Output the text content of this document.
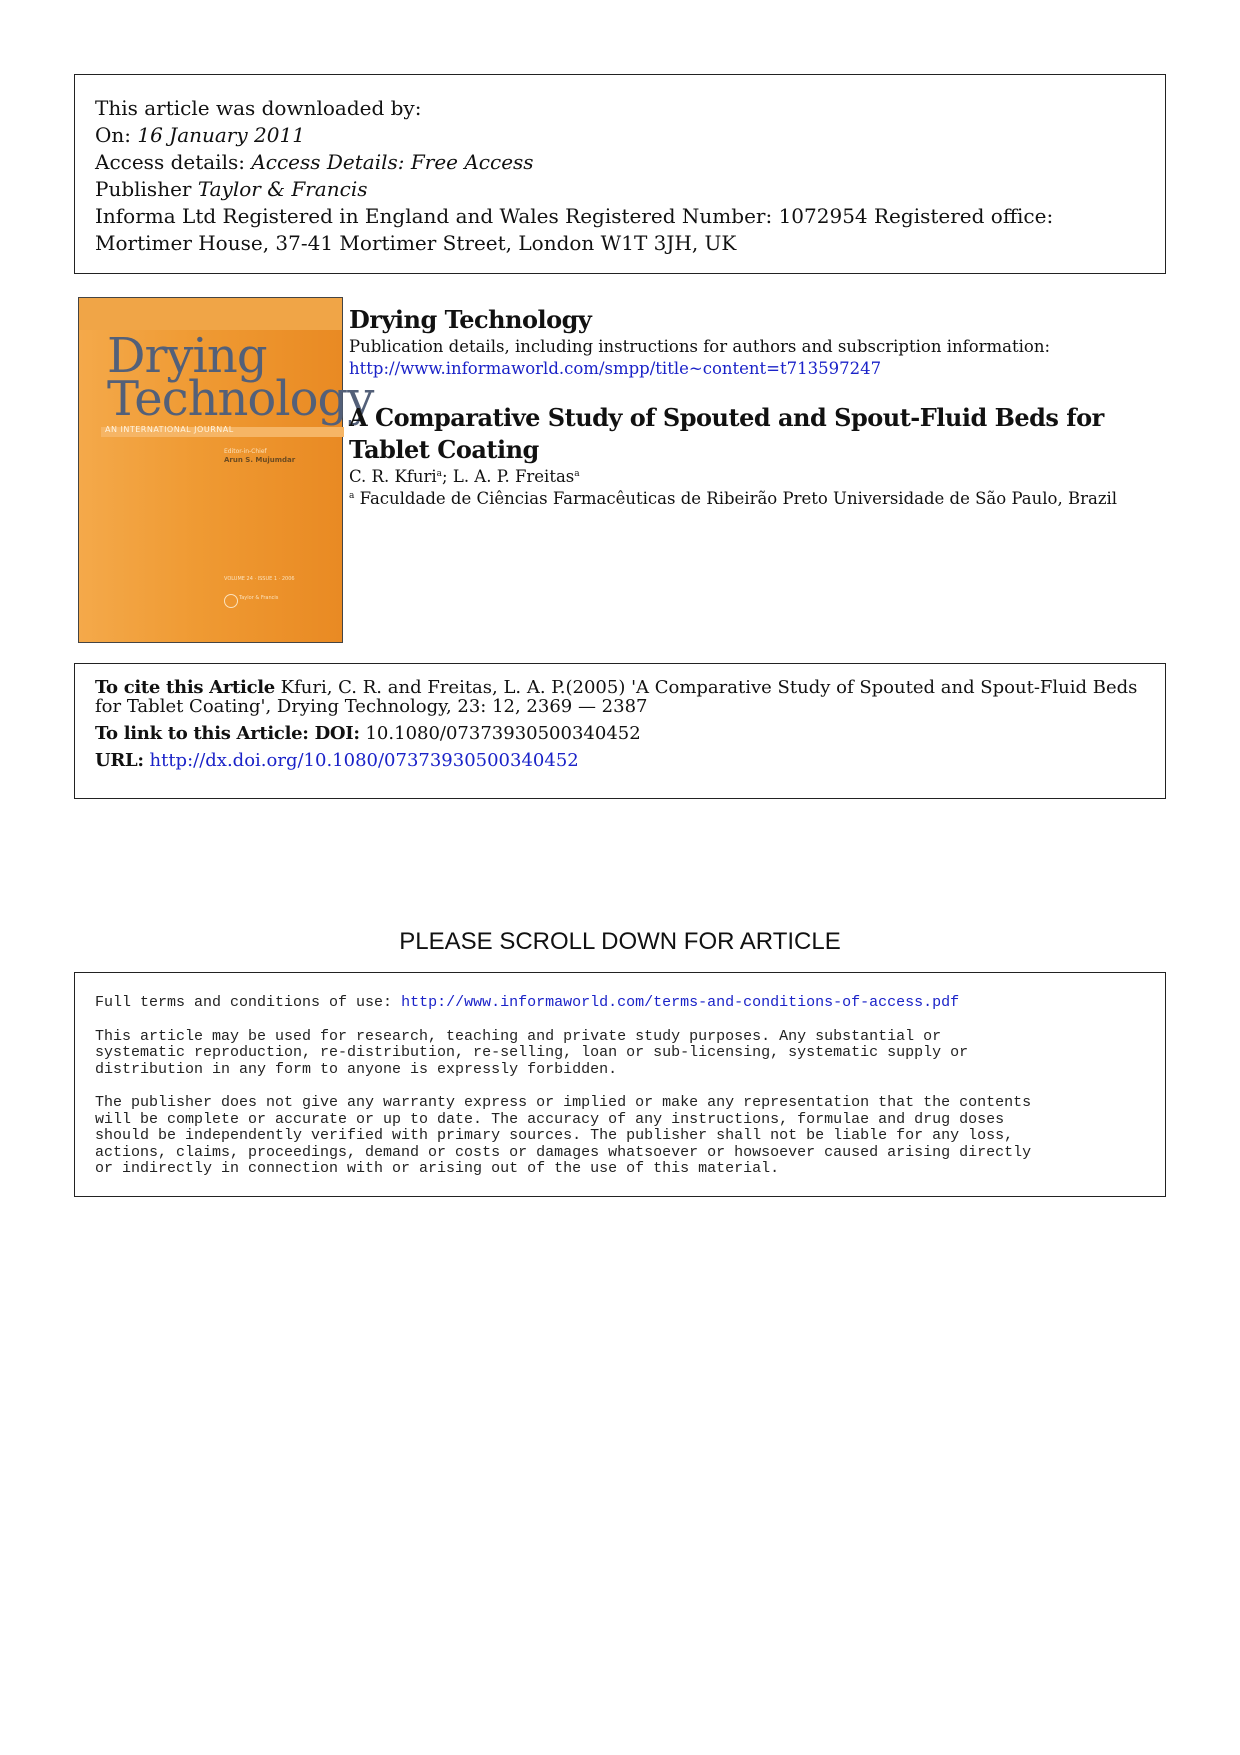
This article was downloaded by:
On: 16 January 2011
Access details: Access Details: Free Access
Publisher Taylor & Francis
Informa Ltd Registered in England and Wales Registered Number: 1072954 Registered office: Mortimer House, 37-41 Mortimer Street, London W1T 3JH, UK
Drying
Technology
AN INTERNATIONAL JOURNAL
Editor-in-Chief
Arun S. Mujumdar
VOLUME 24 · ISSUE 1 · 2006
Taylor & Francis
Drying Technology
Publication details, including instructions for authors and subscription information:
http://www.informaworld.com/smpp/title~content=t713597247
A Comparative Study of Spouted and Spout-Fluid Beds for Tablet Coating
C. R. Kfuri$^a$; L. A. P. Freitas$^a$
$^a$ Faculdade de Ciências Farmacêuticas de Ribeirão Preto Universidade de São Paulo, Brazil
To cite this Article Kfuri, C. R. and Freitas, L. A. P.(2005) 'A Comparative Study of Spouted and Spout-Fluid Beds for Tablet Coating', Drying Technology, 23: 12, 2369 — 2387
To link to this Article: DOI: 10.1080/07373930500340452
URL: http://dx.doi.org/10.1080/07373930500340452
PLEASE SCROLL DOWN FOR ARTICLE

Full terms and conditions of use: http://www.informaworld.com/terms-and-conditions-of-access.pdf

This article may be used for research, teaching and private study purposes. Any substantial or
systematic reproduction, re-distribution, re-selling, loan or sub-licensing, systematic supply or
distribution in any form to anyone is expressly forbidden.

The publisher does not give any warranty express or implied or make any representation that the contents
will be complete or accurate or up to date. The accuracy of any instructions, formulae and drug doses
should be independently verified with primary sources. The publisher shall not be liable for any loss,
actions, claims, proceedings, demand or costs or damages whatsoever or howsoever caused arising directly
or indirectly in connection with or arising out of the use of this material.
